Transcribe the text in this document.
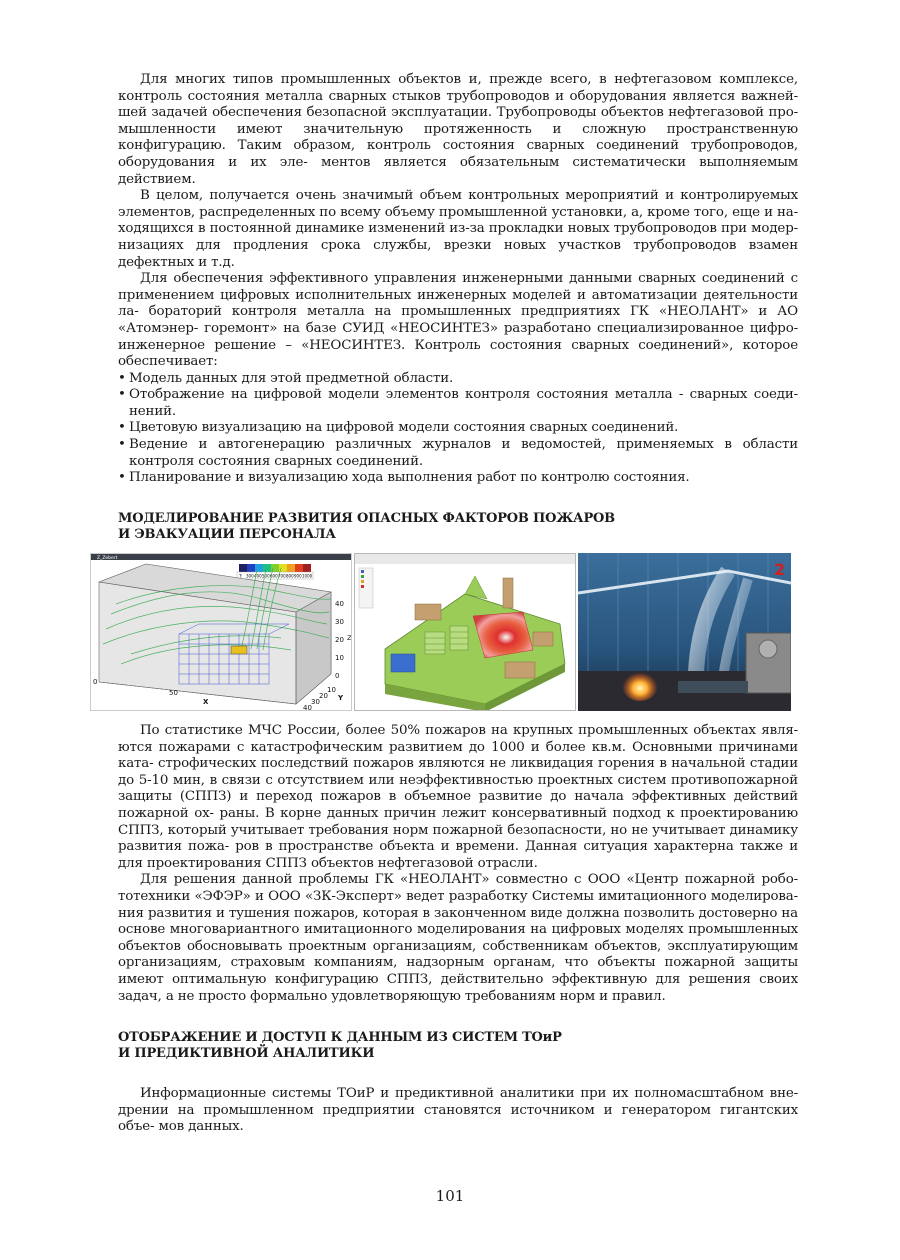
Для многих типов промышленных объектов и, прежде всего, в нефтегазовом комплексе, контроль состояния металла сварных стыков трубопроводов и оборудования является важней- шей задачей обеспечения безопасной эксплуатации. Трубопроводы объектов нефтегазовой про- мышленности имеют значительную протяженность и сложную пространственную конфигурацию. Таким образом, контроль состояния сварных соединений трубопроводов, оборудования и их эле- ментов является обязательным систематически выполняемым действием.

В целом, получается очень значимый объем контрольных мероприятий и контролируемых элементов, распределенных по всему объему промышленной установки, а, кроме того, еще и на- ходящихся в постоянной динамике изменений из-за прокладки новых трубопроводов при модер- низациях для продления срока службы, врезки новых участков трубопроводов взамен дефектных и т.д.

Для обеспечения эффективного управления инженерными данными сварных соединений с применением цифровых исполнительных инженерных моделей и автоматизации деятельности ла- бораторий контроля металла на промышленных предприятиях ГК «НЕОЛАНТ» и АО «Атомэнер- горемонт» на базе СУИД «НЕОСИНТЕЗ» разработано специализированное цифро-инженерное решение – «НЕОСИНТЕЗ. Контроль состояния сварных соединений», которое обеспечивает:

• Модель данных для этой предметной области.
• Отображение на цифровой модели элементов контроля состояния металла - сварных соеди- нений.
• Цветовую визуализацию на цифровой модели состояния сварных соединений.
• Ведение и автогенерацию различных журналов и ведомостей, применяемых в области контроля состояния сварных соединений.
• Планирование и визуализацию хода выполнения работ по контролю состояния.
МОДЕЛИРОВАНИЕ РАЗВИТИЯ ОПАСНЫХ ФАКТОРОВ ПОЖАРОВ
И ЭВАКУАЦИИ ПЕРСОНАЛА
Z_Zebert
T: 300 400 500 600 700 800 900 1000
40
30
20 Z
10
0
0
50
X
10
20
30
40
Y
2

По статистике МЧС России, более 50% пожаров на крупных промышленных объектах явля- ются пожарами с катастрофическим развитием до 1000 и более кв.м. Основными причинами ката- строфических последствий пожаров являются не ликвидация горения в начальной стадии до 5-10 мин, в связи с отсутствием или неэффективностью проектных систем противопожарной защиты (СППЗ) и переход пожаров в объемное развитие до начала эффективных действий пожарной ох- раны. В корне данных причин лежит консервативный подход к проектированию СППЗ, который учитывает требования норм пожарной безопасности, но не учитывает динамику развития пожа- ров в пространстве объекта и времени. Данная ситуация характерна также и для проектирования СППЗ объектов нефтегазовой отрасли.

Для решения данной проблемы ГК «НЕОЛАНТ» совместно с ООО «Центр пожарной робо- тотехники «ЭФЭР» и ООО «ЗК-Эксперт» ведет разработку Системы имитационного моделирова- ния развития и тушения пожаров, которая в законченном виде должна позволить достоверно на основе многовариантного имитационного моделирования на цифровых моделях промышленных объектов обосновывать проектным организациям, собственникам объектов, эксплуатирующим организациям, страховым компаниям, надзорным органам, что объекты пожарной защиты имеют оптимальную конфигурацию СППЗ, действительно эффективную для решения своих задач, а не просто формально удовлетворяющую требованиям норм и правил.

ОТОБРАЖЕНИЕ И ДОСТУП К ДАННЫМ ИЗ СИСТЕМ ТОиР
И ПРЕДИКТИВНОЙ АНАЛИТИКИ

Информационные системы ТОиР и предиктивной аналитики при их полномасштабном вне- дрении на промышленном предприятии становятся источником и генератором гигантских объе- мов данных.

101
